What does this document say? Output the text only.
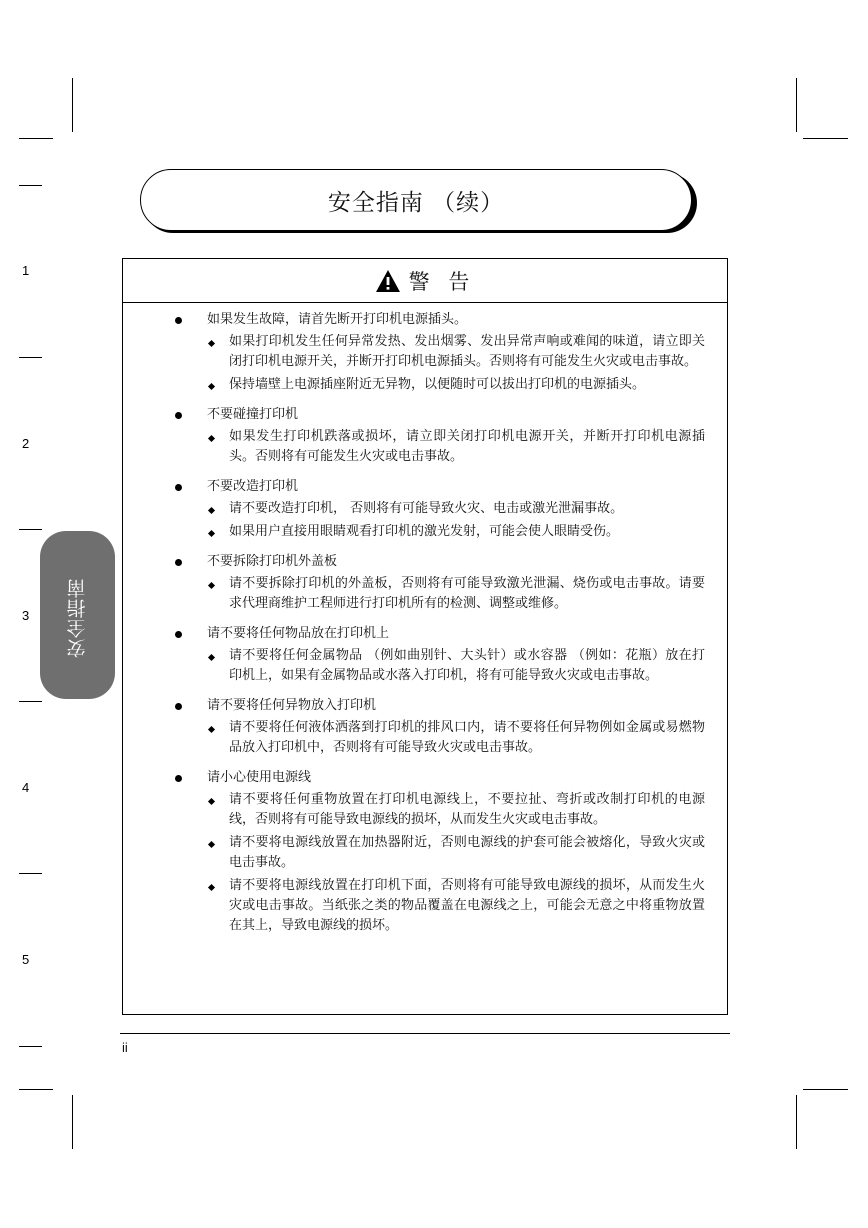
1
2
3
4
5
安全指南
安全指南 （续）
警 告
如果发生故障，请首先断开打印机电源插头。
如果打印机发生任何异常发热、发出烟雾、发出异常声响或难闻的味道，请立即关闭打印机电源开关，并断开打印机电源插头。否则将有可能发生火灾或电击事故。
保持墙壁上电源插座附近无异物，以便随时可以拔出打印机的电源插头。
不要碰撞打印机
如果发生打印机跌落或损坏，请立即关闭打印机电源开关，并断开打印机电源插头。否则将有可能发生火灾或电击事故。
不要改造打印机
请不要改造打印机， 否则将有可能导致火灾、电击或激光泄漏事故。
如果用户直接用眼睛观看打印机的激光发射，可能会使人眼睛受伤。
不要拆除打印机外盖板
请不要拆除打印机的外盖板，否则将有可能导致激光泄漏、烧伤或电击事故。请要求代理商维护工程师进行打印机所有的检测、调整或维修。
请不要将任何物品放在打印机上
请不要将任何金属物品 （例如曲别针、大头针）或水容器 （例如：花瓶）放在打印机上，如果有金属物品或水落入打印机，将有可能导致火灾或电击事故。
请不要将任何异物放入打印机
请不要将任何液体洒落到打印机的排风口内，请不要将任何异物例如金属或易燃物品放入打印机中，否则将有可能导致火灾或电击事故。
请小心使用电源线
请不要将任何重物放置在打印机电源线上，不要拉扯、弯折或改制打印机的电源线，否则将有可能导致电源线的损坏，从而发生火灾或电击事故。
请不要将电源线放置在加热器附近，否则电源线的护套可能会被熔化，导致火灾或电击事故。
请不要将电源线放置在打印机下面，否则将有可能导致电源线的损坏，从而发生火灾或电击事故。当纸张之类的物品覆盖在电源线之上，可能会无意之中将重物放置在其上，导致电源线的损坏。
ii
